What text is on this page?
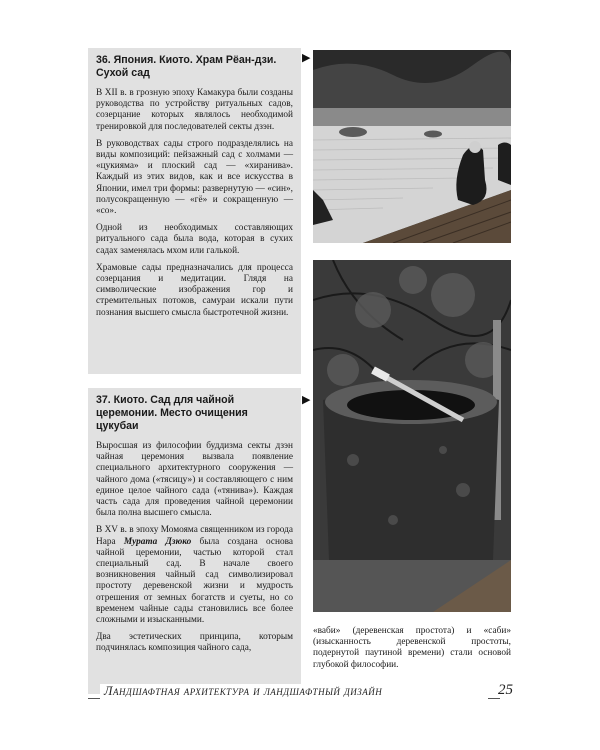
36. Япония. Киото. Храм Рёан-дзи. Сухой сад

В XII в. в грозную эпоху Камакура были созданы руководства по устройству ритуальных садов, созерцание которых являлось необходимой тренировкой для последователей секты дзэн.

В руководствах сады строго подразделялись на виды композиций: пейзажный сад с холмами — «цукияма» и плоский сад — «хиранива». Каждый из этих видов, как и все искусства в Японии, имел три формы: развернутую — «син», полусокращенную — «гё» и сокращенную — «со».

Одной из необходимых составляющих ритуального сада была вода, которая в сухих садах заменялась мхом или галькой.

Храмовые сады предназначались для процесса созерцания и медитации. Глядя на символические изображения гор и стремительных потоков, самураи искали пути познания высшего смысла быстротечной жизни.

37. Киото. Сад для чайной церемонии. Место очищения цукубаи

Выросшая из философии буддизма секты дзэн чайная церемония вызвала появление специального архитектурного сооружения — чайного дома («тясицу») и составляющего с ним единое целое чайного сада («тянива»). Каждая часть сада для проведения чайной церемонии была полна высшего смысла.

В XV в. в эпоху Момояма священником из города Нара Мурата Дзюко была создана основа чайной церемонии, частью которой стал специальный сад. В начале своего возникновения чайный сад символизировал простоту деревенской жизни и мудрость отрешения от земных богатств и суеты, но со временем чайные сады становились все более сложными и изысканными.

Два эстетических принципа, которым подчинялась композиция чайного сада,

▶
▶
«ваби» (деревенская простота) и «саби» (изысканность деревенской простоты, подернутой паутиной времени) стали основой глубокой философии.
Ландшафтная архитектура и ландшафтный дизайн	25
